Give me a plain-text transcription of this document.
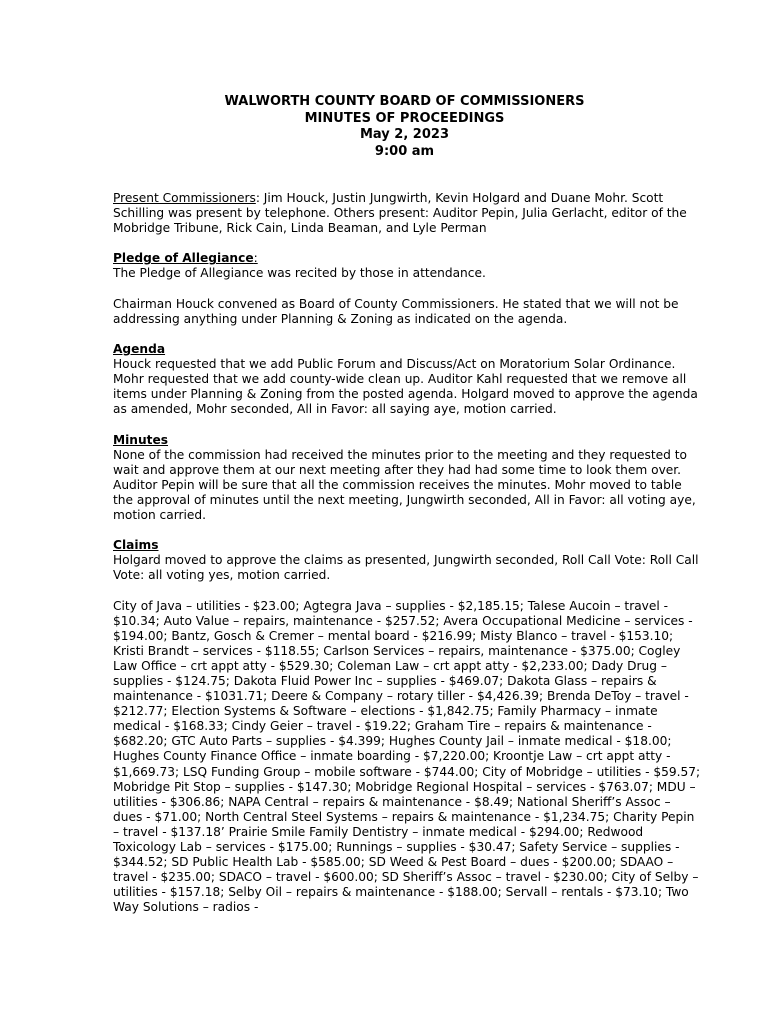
WALWORTH COUNTY BOARD OF COMMISSIONERS
MINUTES OF PROCEEDINGS
May 2, 2023
9:00 am

Present Commissioners: Jim Houck, Justin Jungwirth, Kevin Holgard and Duane Mohr. Scott Schilling was present by telephone. Others present: Auditor Pepin, Julia Gerlacht, editor of the Mobridge Tribune, Rick Cain, Linda Beaman, and Lyle Perman

Pledge of Allegiance:
The Pledge of Allegiance was recited by those in attendance.

Chairman Houck convened as Board of County Commissioners. He stated that we will not be addressing anything under Planning & Zoning as indicated on the agenda.

Agenda
Houck requested that we add Public Forum and Discuss/Act on Moratorium Solar Ordinance. Mohr requested that we add county-wide clean up. Auditor Kahl requested that we remove all items under Planning & Zoning from the posted agenda. Holgard moved to approve the agenda as amended, Mohr seconded, All in Favor: all saying aye, motion carried.
Minutes
None of the commission had received the minutes prior to the meeting and they requested to wait and approve them at our next meeting after they had had some time to look them over. Auditor Pepin will be sure that all the commission receives the minutes. Mohr moved to table the approval of minutes until the next meeting, Jungwirth seconded, All in Favor: all voting aye, motion carried.
Claims
Holgard moved to approve the claims as presented, Jungwirth seconded, Roll Call Vote: Roll Call Vote: all voting yes, motion carried.

City of Java – utilities - $23.00; Agtegra Java – supplies - $2,185.15; Talese Aucoin – travel - $10.34; Auto Value – repairs, maintenance - $257.52; Avera Occupational Medicine – services - $194.00; Bantz, Gosch & Cremer – mental board - $216.99; Misty Blanco – travel - $153.10; Kristi Brandt – services - $118.55; Carlson Services – repairs, maintenance - $375.00; Cogley Law Office – crt appt atty - $529.30; Coleman Law – crt appt atty - $2,233.00; Dady Drug – supplies - $124.75; Dakota Fluid Power Inc – supplies - $469.07; Dakota Glass – repairs & maintenance - $1031.71; Deere & Company – rotary tiller - $4,426.39; Brenda DeToy – travel - $212.77; Election Systems & Software – elections - $1,842.75; Family Pharmacy – inmate medical - $168.33; Cindy Geier – travel - $19.22; Graham Tire – repairs & maintenance - $682.20; GTC Auto Parts – supplies - $4.399; Hughes County Jail – inmate medical - $18.00; Hughes County Finance Office – inmate boarding - $7,220.00; Kroontje Law – crt appt atty - $1,669.73; LSQ Funding Group – mobile software - $744.00; City of Mobridge – utilities - $59.57; Mobridge Pit Stop – supplies - $147.30; Mobridge Regional Hospital – services - $763.07; MDU – utilities - $306.86; NAPA Central – repairs & maintenance - $8.49; National Sheriff’s Assoc – dues - $71.00; North Central Steel Systems – repairs & maintenance - $1,234.75; Charity Pepin – travel - $137.18’ Prairie Smile Family Dentistry – inmate medical - $294.00; Redwood Toxicology Lab – services - $175.00; Runnings – supplies - $30.47; Safety Service – supplies - $344.52; SD Public Health Lab - $585.00; SD Weed & Pest Board – dues - $200.00; SDAAO – travel - $235.00; SDACO – travel - $600.00; SD Sheriff’s Assoc – travel - $230.00; City of Selby – utilities - $157.18; Selby Oil – repairs & maintenance - $188.00; Servall – rentals - $73.10; Two Way Solutions – radios -
